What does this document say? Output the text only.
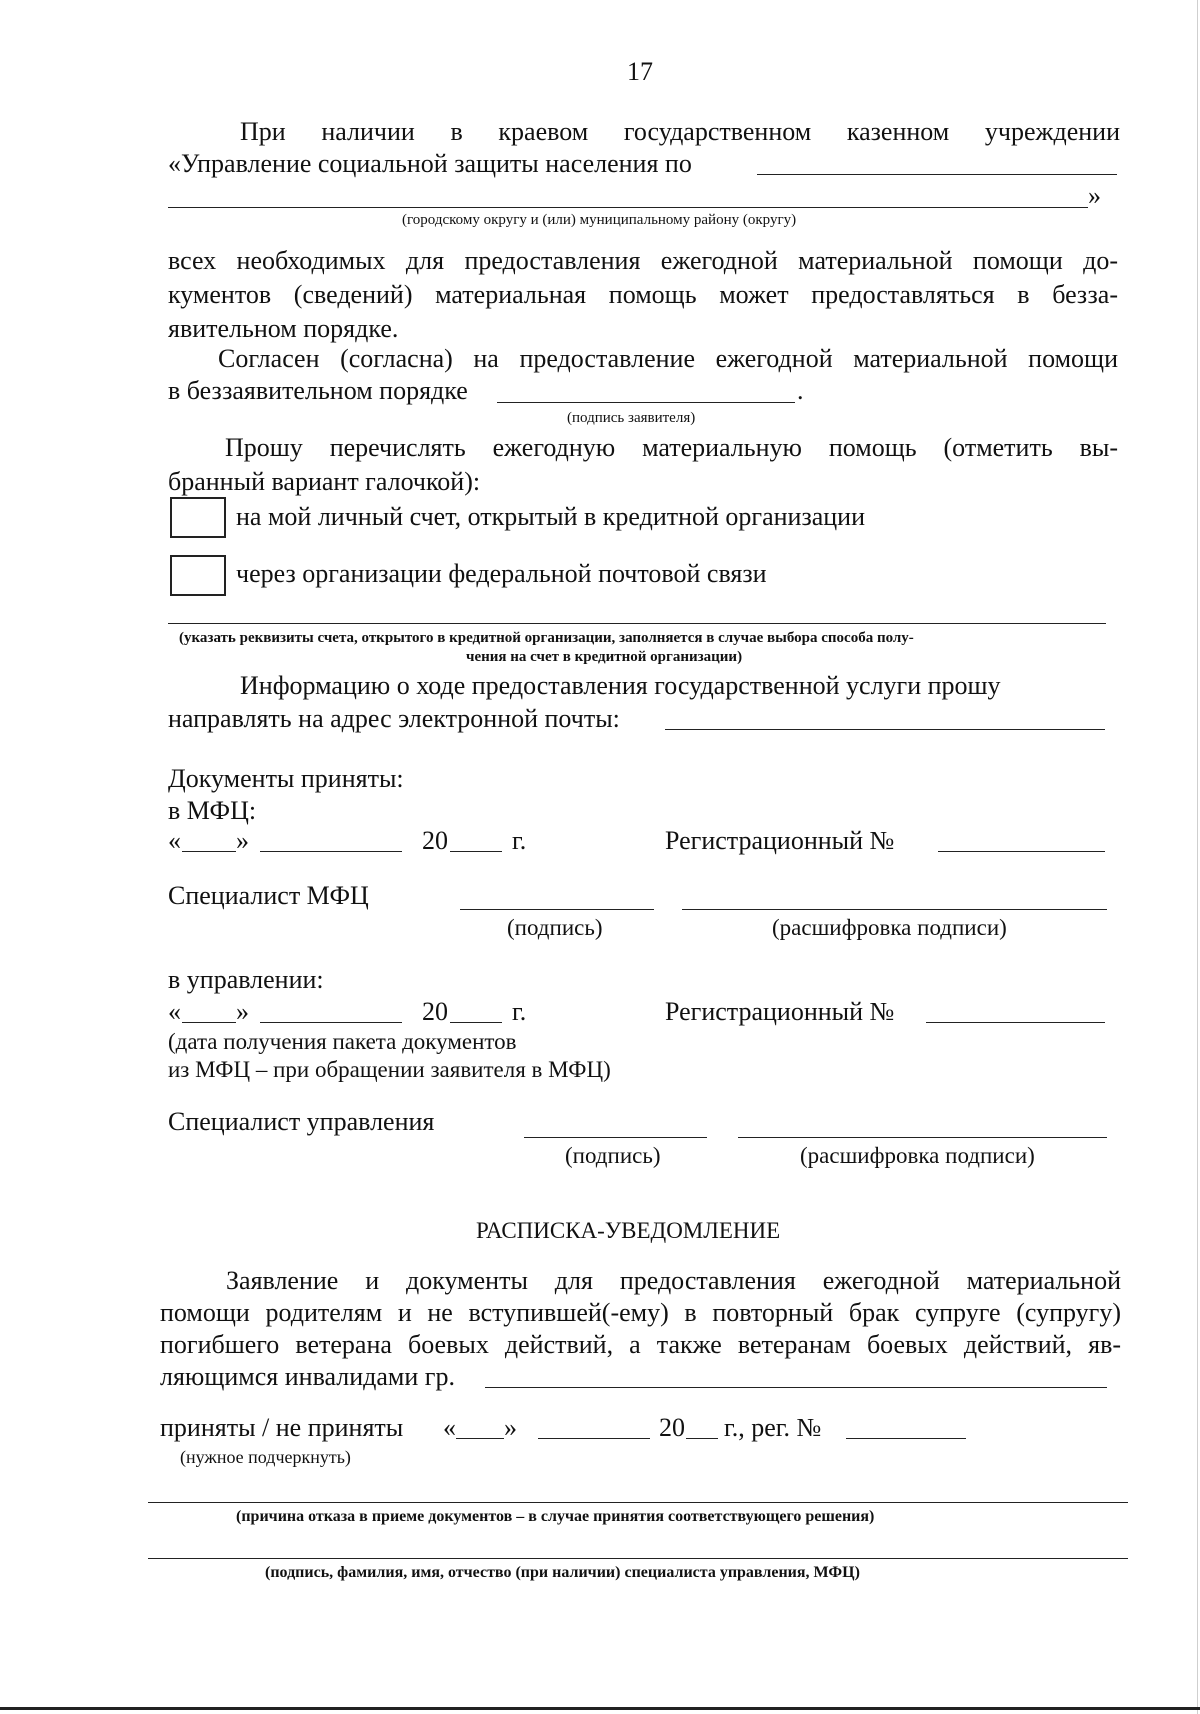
17
При наличии в краевом государственном казенном учреждении
«Управление социальной защиты населения по
»
(городскому округу и (или) муниципальному району (округу)
всех необходимых для предоставления ежегодной материальной помощи до-
кументов (сведений) материальная помощь может предоставляться в безза-
явительном порядке.
Согласен (согласна) на предоставление ежегодной материальной помощи
в беззаявительном порядке	.
(подпись заявителя)
Прошу перечислять ежегодную материальную помощь (отметить вы-
бранный вариант галочкой):
на мой личный счет, открытый в кредитной организации
через организации федеральной почтовой связи
(указать реквизиты счета, открытого в кредитной организации, заполняется в случае выбора способа полу-
чения на счет в кредитной организации)
Информацию о ходе предоставления государственной услуги прошу
направлять на адрес электронной почты:
Документы приняты:
в МФЦ:
« »	20 г.	Регистрационный №
Специалист МФЦ
(подпись)	(расшифровка подписи)
в управлении:
« »	20 г.	Регистрационный №
(дата получения пакета документов
из МФЦ – при обращении заявителя в МФЦ)
Специалист управления
(подпись)	(расшифровка подписи)
РАСПИСКА-УВЕДОМЛЕНИЕ
Заявление и документы для предоставления ежегодной материальной
помощи родителям и не вступившей(-ему) в повторный брак супруге (супругу)
погибшего ветерана боевых действий, а также ветеранам боевых действий, яв-
ляющимся инвалидами гр.
приняты / не приняты « »	20 г., рег. №
(нужное подчеркнуть)
(причина отказа в приеме документов – в случае принятия соответствующего решения)
(подпись, фамилия, имя, отчество (при наличии) специалиста управления, МФЦ)
